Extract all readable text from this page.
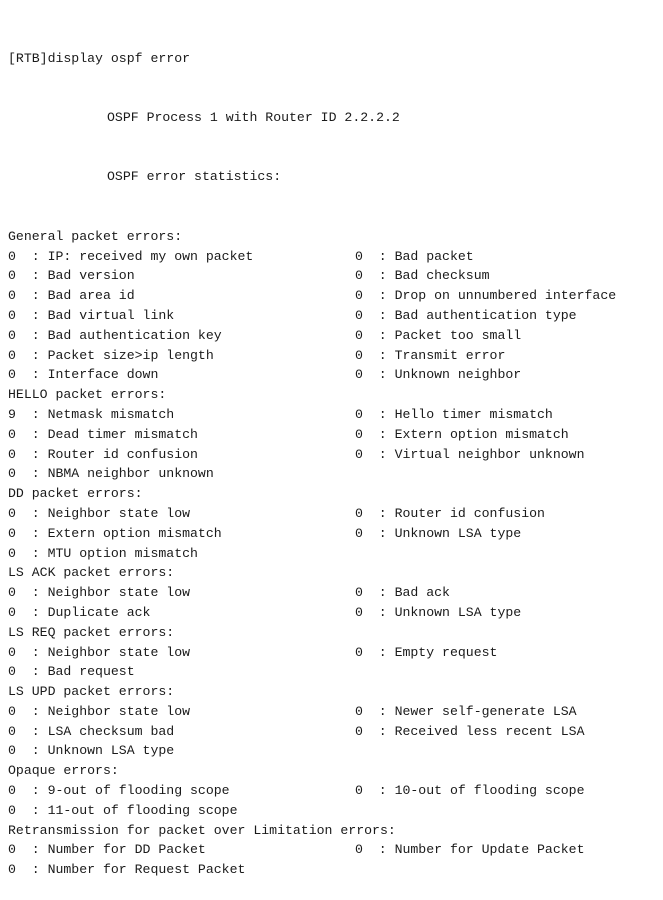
[RTB]display ospf error

OSPF Process 1 with Router ID 2.2.2.2

OSPF error statistics:

General packet errors:
0  : IP: received my own packet	0  : Bad packet
0  : Bad version	0  : Bad checksum
0  : Bad area id	0  : Drop on unnumbered interface
0  : Bad virtual link	0  : Bad authentication type
0  : Bad authentication key	0  : Packet too small
0  : Packet size>ip length	0  : Transmit error
0  : Interface down	0  : Unknown neighbor
HELLO packet errors:
9  : Netmask mismatch	0  : Hello timer mismatch
0  : Dead timer mismatch	0  : Extern option mismatch
0  : Router id confusion	0  : Virtual neighbor unknown
0  : NBMA neighbor unknown
DD packet errors:
0  : Neighbor state low	0  : Router id confusion
0  : Extern option mismatch	0  : Unknown LSA type
0  : MTU option mismatch
LS ACK packet errors:
0  : Neighbor state low	0  : Bad ack
0  : Duplicate ack	0  : Unknown LSA type
LS REQ packet errors:
0  : Neighbor state low	0  : Empty request
0  : Bad request
LS UPD packet errors:
0  : Neighbor state low	0  : Newer self-generate LSA
0  : LSA checksum bad	0  : Received less recent LSA
0  : Unknown LSA type
Opaque errors:
0  : 9-out of flooding scope	0  : 10-out of flooding scope
0  : 11-out of flooding scope
Retransmission for packet over Limitation errors:
0  : Number for DD Packet	0  : Number for Update Packet
0  : Number for Request Packet
